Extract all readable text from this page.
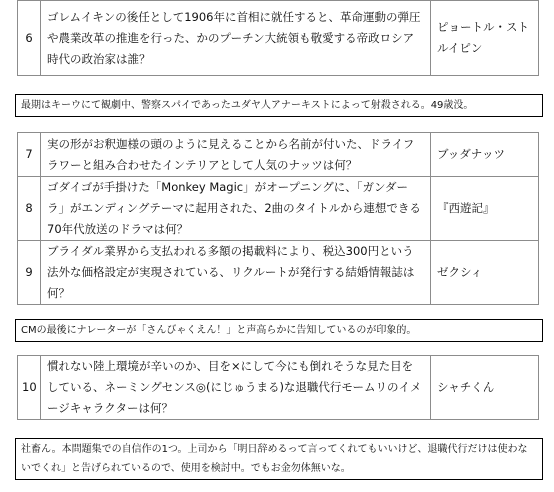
6	ゴレムイキンの後任として1906年に首相に就任すると、革命運動の弾圧や農業改革の推進を行った、かのプーチン大統領も敬愛する帝政ロシア時代の政治家は誰？	ピョートル・ストルイピン
最期はキーウにて観劇中、警察スパイであったユダヤ人アナーキストによって射殺される。49歳没。
7	実の形がお釈迦様の頭のように見えることから名前が付いた、ドライフラワーと組み合わせたインテリアとして人気のナッツは何？	ブッダナッツ
8	ゴダイゴが手掛けた「Monkey Magic」がオープニングに、「ガンダーラ」がエンディングテーマに起用された、2曲のタイトルから連想できる70年代放送のドラマは何？	『西遊記』
9	ブライダル業界から支払われる多額の掲載料により、税込300円という法外な価格設定が実現されている、リクルートが発行する結婚情報誌は何？	ゼクシィ
CMの最後にナレーターが「さんびゃくえん！」と声高らかに告知しているのが印象的。
10	慣れない陸上環境が辛いのか、目を×にして今にも倒れそうな見た目をしている、ネーミングセンス◎(にじゅうまる)な退職代行モームリのイメージキャラクターは何？	シャチくん
社畜ん。本問題集での自信作の1つ。上司から「明日辞めるって言ってくれてもいいけど、退職代行だけは使わないでくれ」と告げられているので、使用を検討中。でもお金勿体無いな。
